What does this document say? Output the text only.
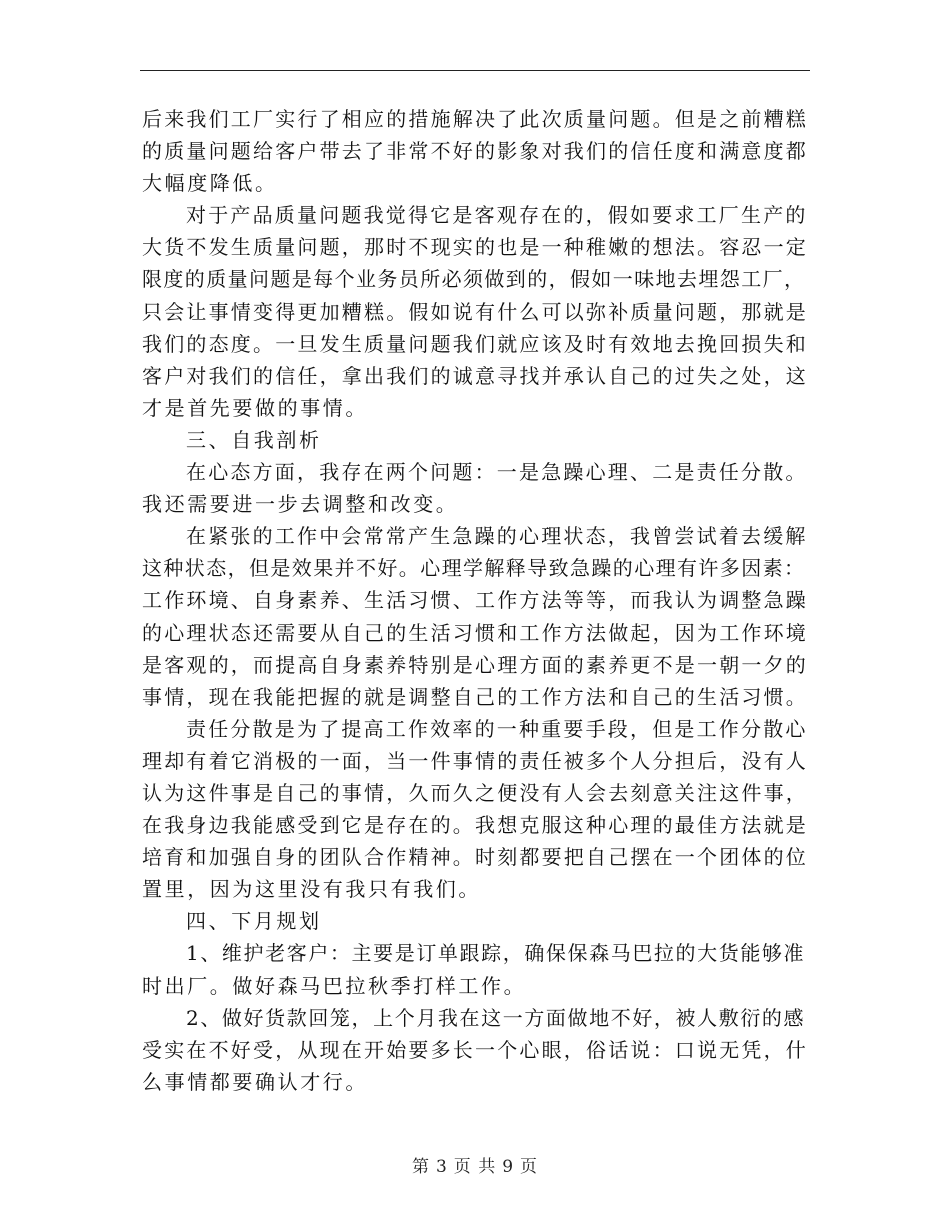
后来我们工厂实行了相应的措施解决了此次质量问题。但是之前糟糕
的质量问题给客户带去了非常不好的影象对我们的信任度和满意度都
大幅度降低。
对于产品质量问题我觉得它是客观存在的，假如要求工厂生产的
大货不发生质量问题，那时不现实的也是一种稚嫩的想法。容忍一定
限度的质量问题是每个业务员所必须做到的，假如一味地去埋怨工厂，
只会让事情变得更加糟糕。假如说有什么可以弥补质量问题，那就是
我们的态度。一旦发生质量问题我们就应该及时有效地去挽回损失和
客户对我们的信任，拿出我们的诚意寻找并承认自己的过失之处，这
才是首先要做的事情。
三、自我剖析
在心态方面，我存在两个问题：一是急躁心理、二是责任分散。
我还需要进一步去调整和改变。
在紧张的工作中会常常产生急躁的心理状态，我曾尝试着去缓解
这种状态，但是效果并不好。心理学解释导致急躁的心理有许多因素：
工作环境、自身素养、生活习惯、工作方法等等，而我认为调整急躁
的心理状态还需要从自己的生活习惯和工作方法做起，因为工作环境
是客观的，而提高自身素养特别是心理方面的素养更不是一朝一夕的
事情，现在我能把握的就是调整自己的工作方法和自己的生活习惯。
责任分散是为了提高工作效率的一种重要手段，但是工作分散心
理却有着它消极的一面，当一件事情的责任被多个人分担后，没有人
认为这件事是自己的事情，久而久之便没有人会去刻意关注这件事，
在我身边我能感受到它是存在的。我想克服这种心理的最佳方法就是
培育和加强自身的团队合作精神。时刻都要把自己摆在一个团体的位
置里，因为这里没有我只有我们。
四、下月规划
1、维护老客户：主要是订单跟踪，确保保森马巴拉的大货能够准
时出厂。做好森马巴拉秋季打样工作。
2、做好货款回笼，上个月我在这一方面做地不好，被人敷衍的感
受实在不好受，从现在开始要多长一个心眼，俗话说：口说无凭，什
么事情都要确认才行。
第 3 页 共 9 页
